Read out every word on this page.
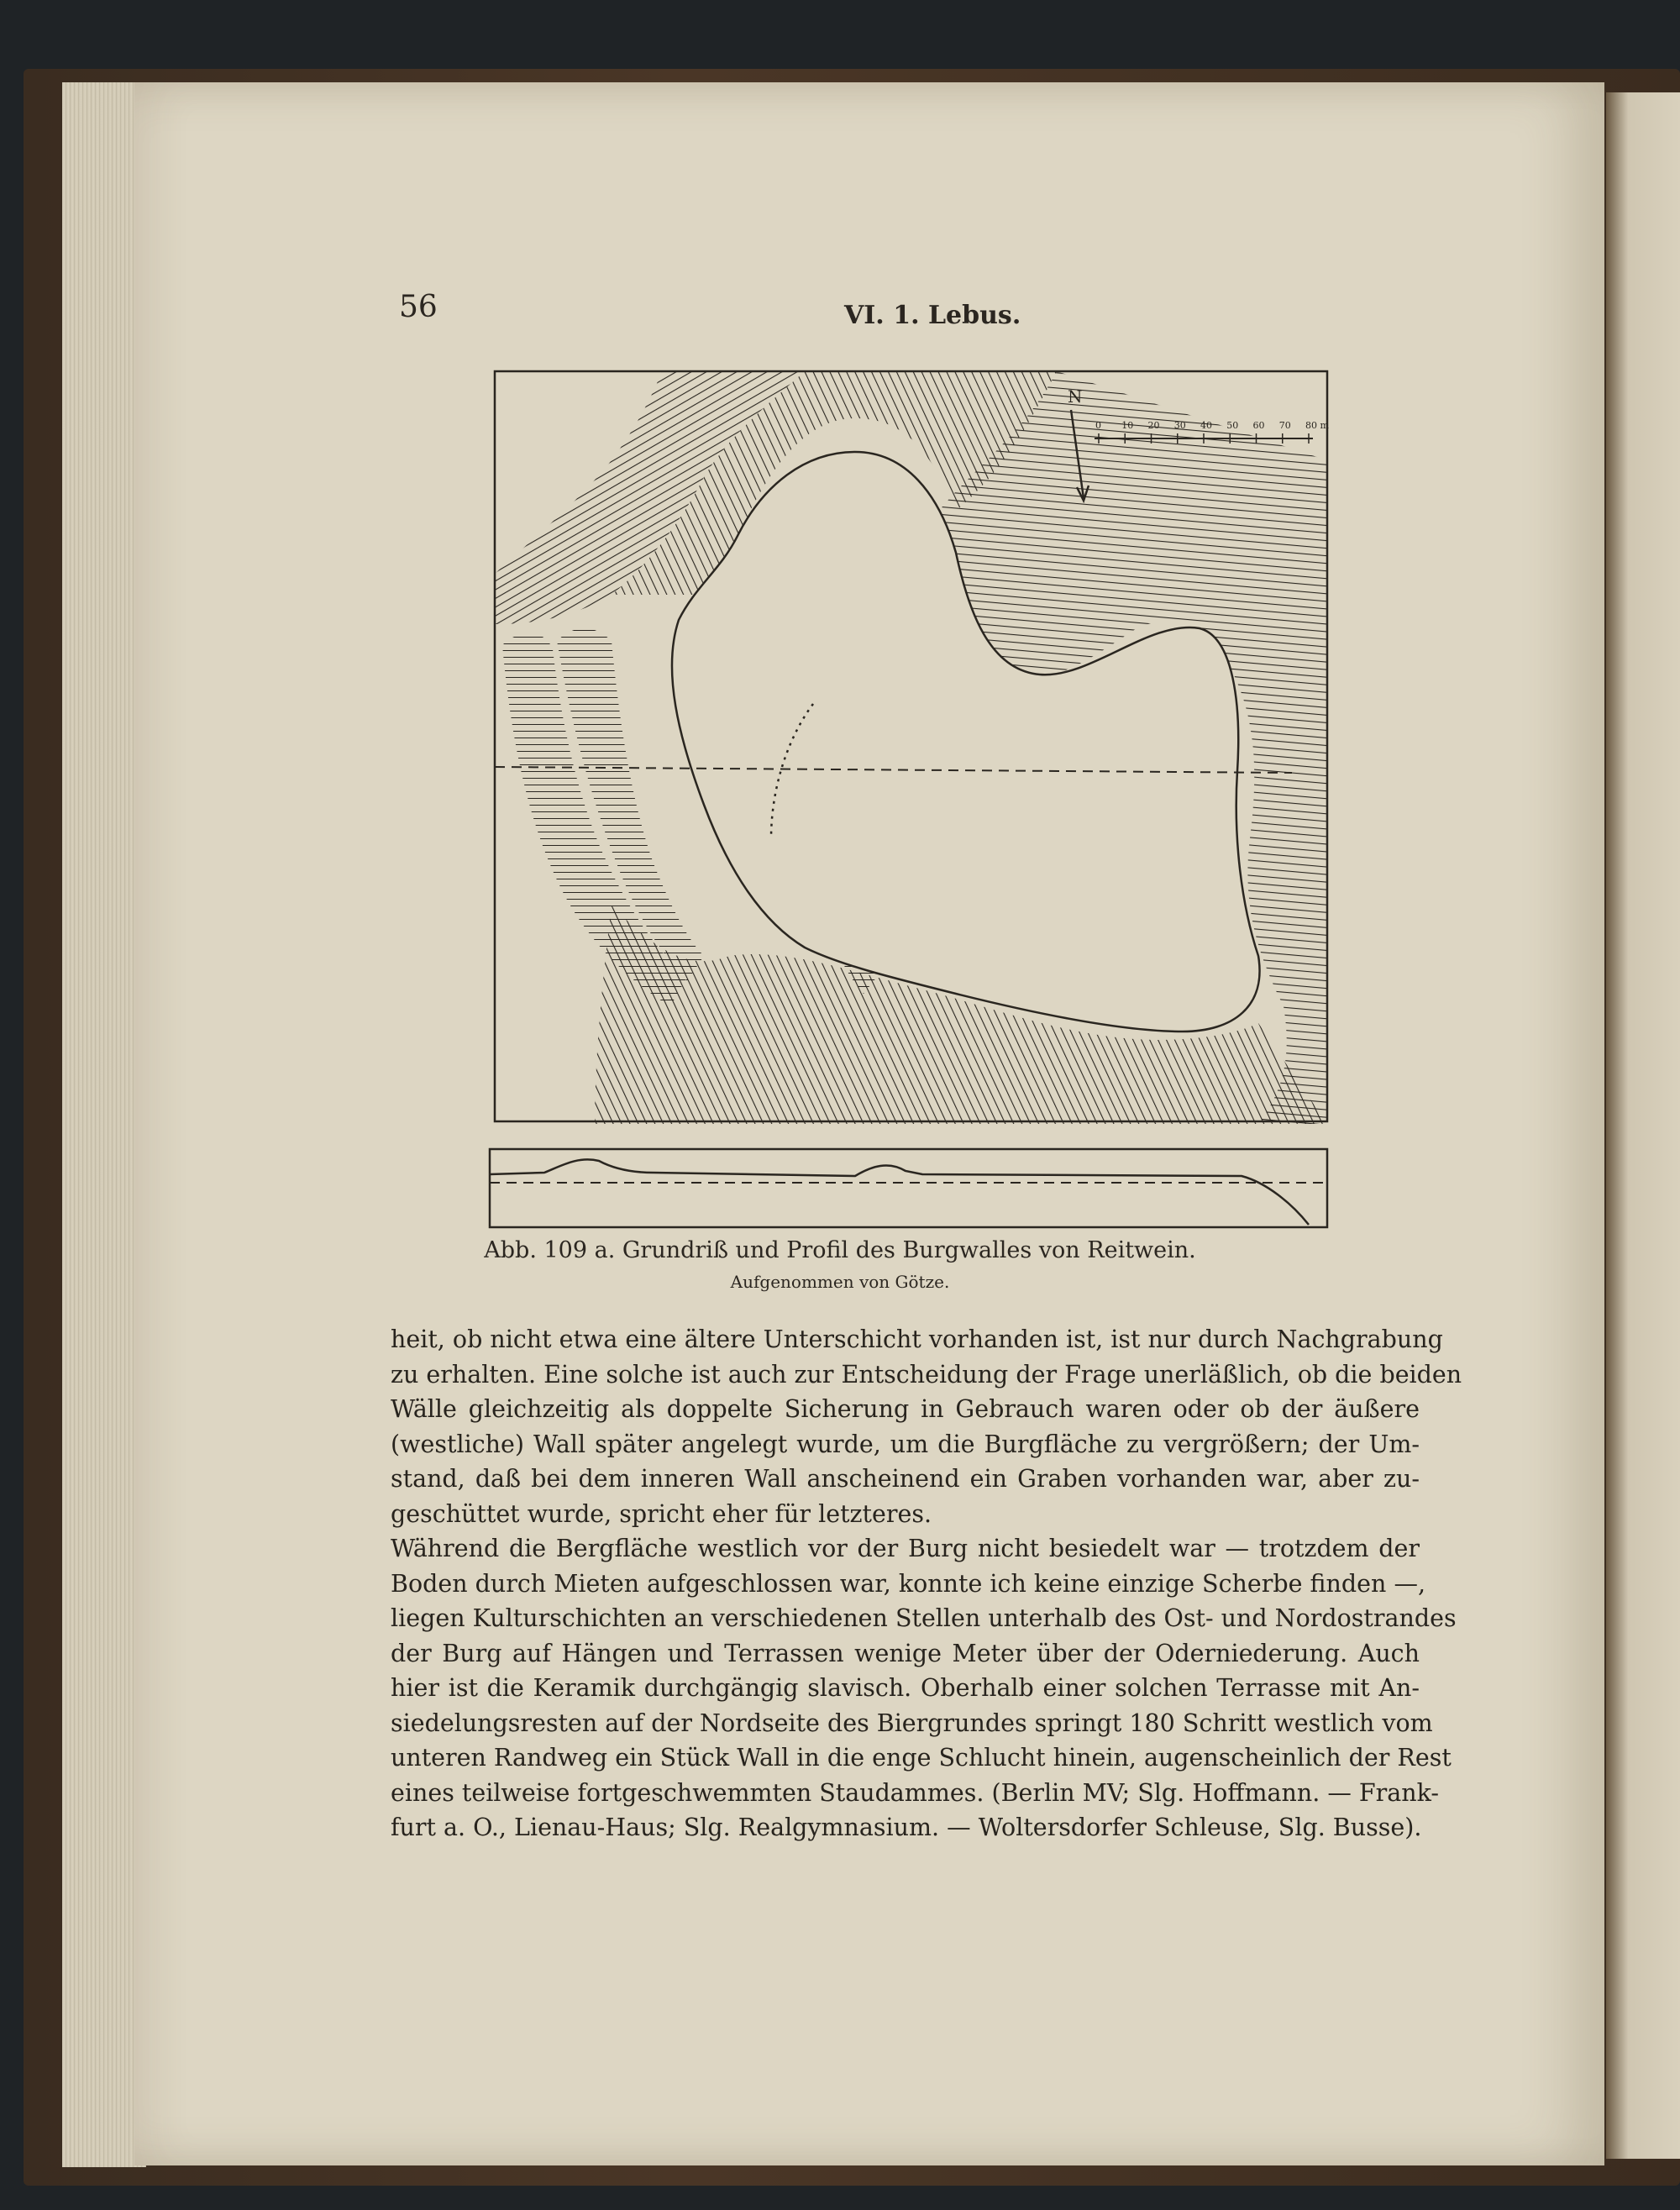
56	VI. 1. Lebus.
N
0 10 20 30 40 50 60 70 80 m
Abb. 109 a. Grundriß und Profil des Burgwalles von Reitwein.
Aufgenommen von Götze.
heit, ob nicht etwa eine ältere Unterschicht vorhanden ist, ist nur durch Nachgrabung
zu erhalten. Eine solche ist auch zur Entscheidung der Frage unerläßlich, ob die beiden
Wälle gleichzeitig als doppelte Sicherung in Gebrauch waren oder ob der äußere
(westliche) Wall später angelegt wurde, um die Burgfläche zu vergrößern; der Um-
stand, daß bei dem inneren Wall anscheinend ein Graben vorhanden war, aber zu-
geschüttet wurde, spricht eher für letzteres.
Während die Bergfläche westlich vor der Burg nicht besiedelt war — trotzdem der
Boden durch Mieten aufgeschlossen war, konnte ich keine einzige Scherbe finden —,
liegen Kulturschichten an verschiedenen Stellen unterhalb des Ost- und Nordostrandes
der Burg auf Hängen und Terrassen wenige Meter über der Oderniederung. Auch
hier ist die Keramik durchgängig slavisch. Oberhalb einer solchen Terrasse mit An-
siedelungsresten auf der Nordseite des Biergrundes springt 180 Schritt westlich vom
unteren Randweg ein Stück Wall in die enge Schlucht hinein, augenscheinlich der Rest
eines teilweise fortgeschwemmten Staudammes. (Berlin MV; Slg. Hoffmann. — Frank-
furt a. O., Lienau-Haus; Slg. Realgymnasium. — Woltersdorfer Schleuse, Slg. Busse).
